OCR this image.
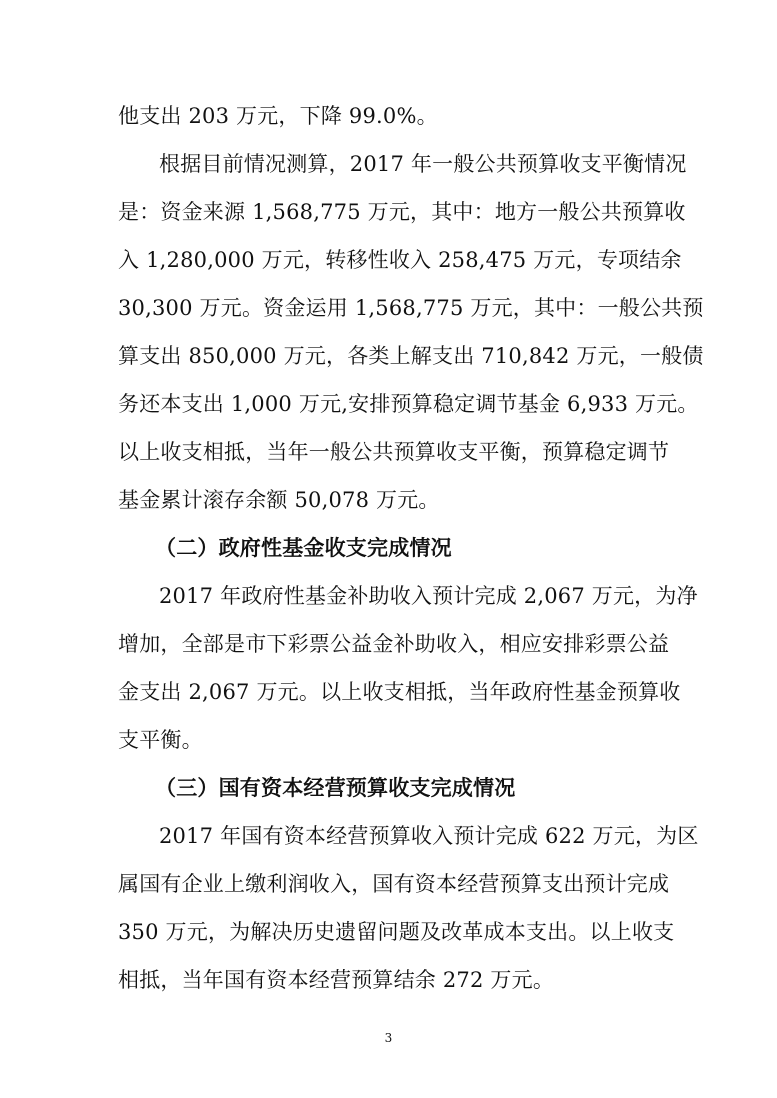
他支出 203 万元，下降 99.0%。
根据目前情况测算，2017 年一般公共预算收支平衡情况
是：资金来源 1,568,775 万元，其中：地方一般公共预算收
入 1,280,000 万元，转移性收入 258,475 万元，专项结余
30,300 万元。资金运用 1,568,775 万元，其中：一般公共预
算支出 850,000 万元，各类上解支出 710,842 万元，一般债
务还本支出 1,000 万元,安排预算稳定调节基金 6,933 万元。
以上收支相抵，当年一般公共预算收支平衡，预算稳定调节
基金累计滚存余额 50,078 万元。
（二）政府性基金收支完成情况
2017 年政府性基金补助收入预计完成 2,067 万元，为净
增加，全部是市下彩票公益金补助收入，相应安排彩票公益
金支出 2,067 万元。以上收支相抵，当年政府性基金预算收
支平衡。
（三）国有资本经营预算收支完成情况
2017 年国有资本经营预算收入预计完成 622 万元，为区
属国有企业上缴利润收入，国有资本经营预算支出预计完成
350 万元，为解决历史遗留问题及改革成本支出。以上收支
相抵，当年国有资本经营预算结余 272 万元。
3
